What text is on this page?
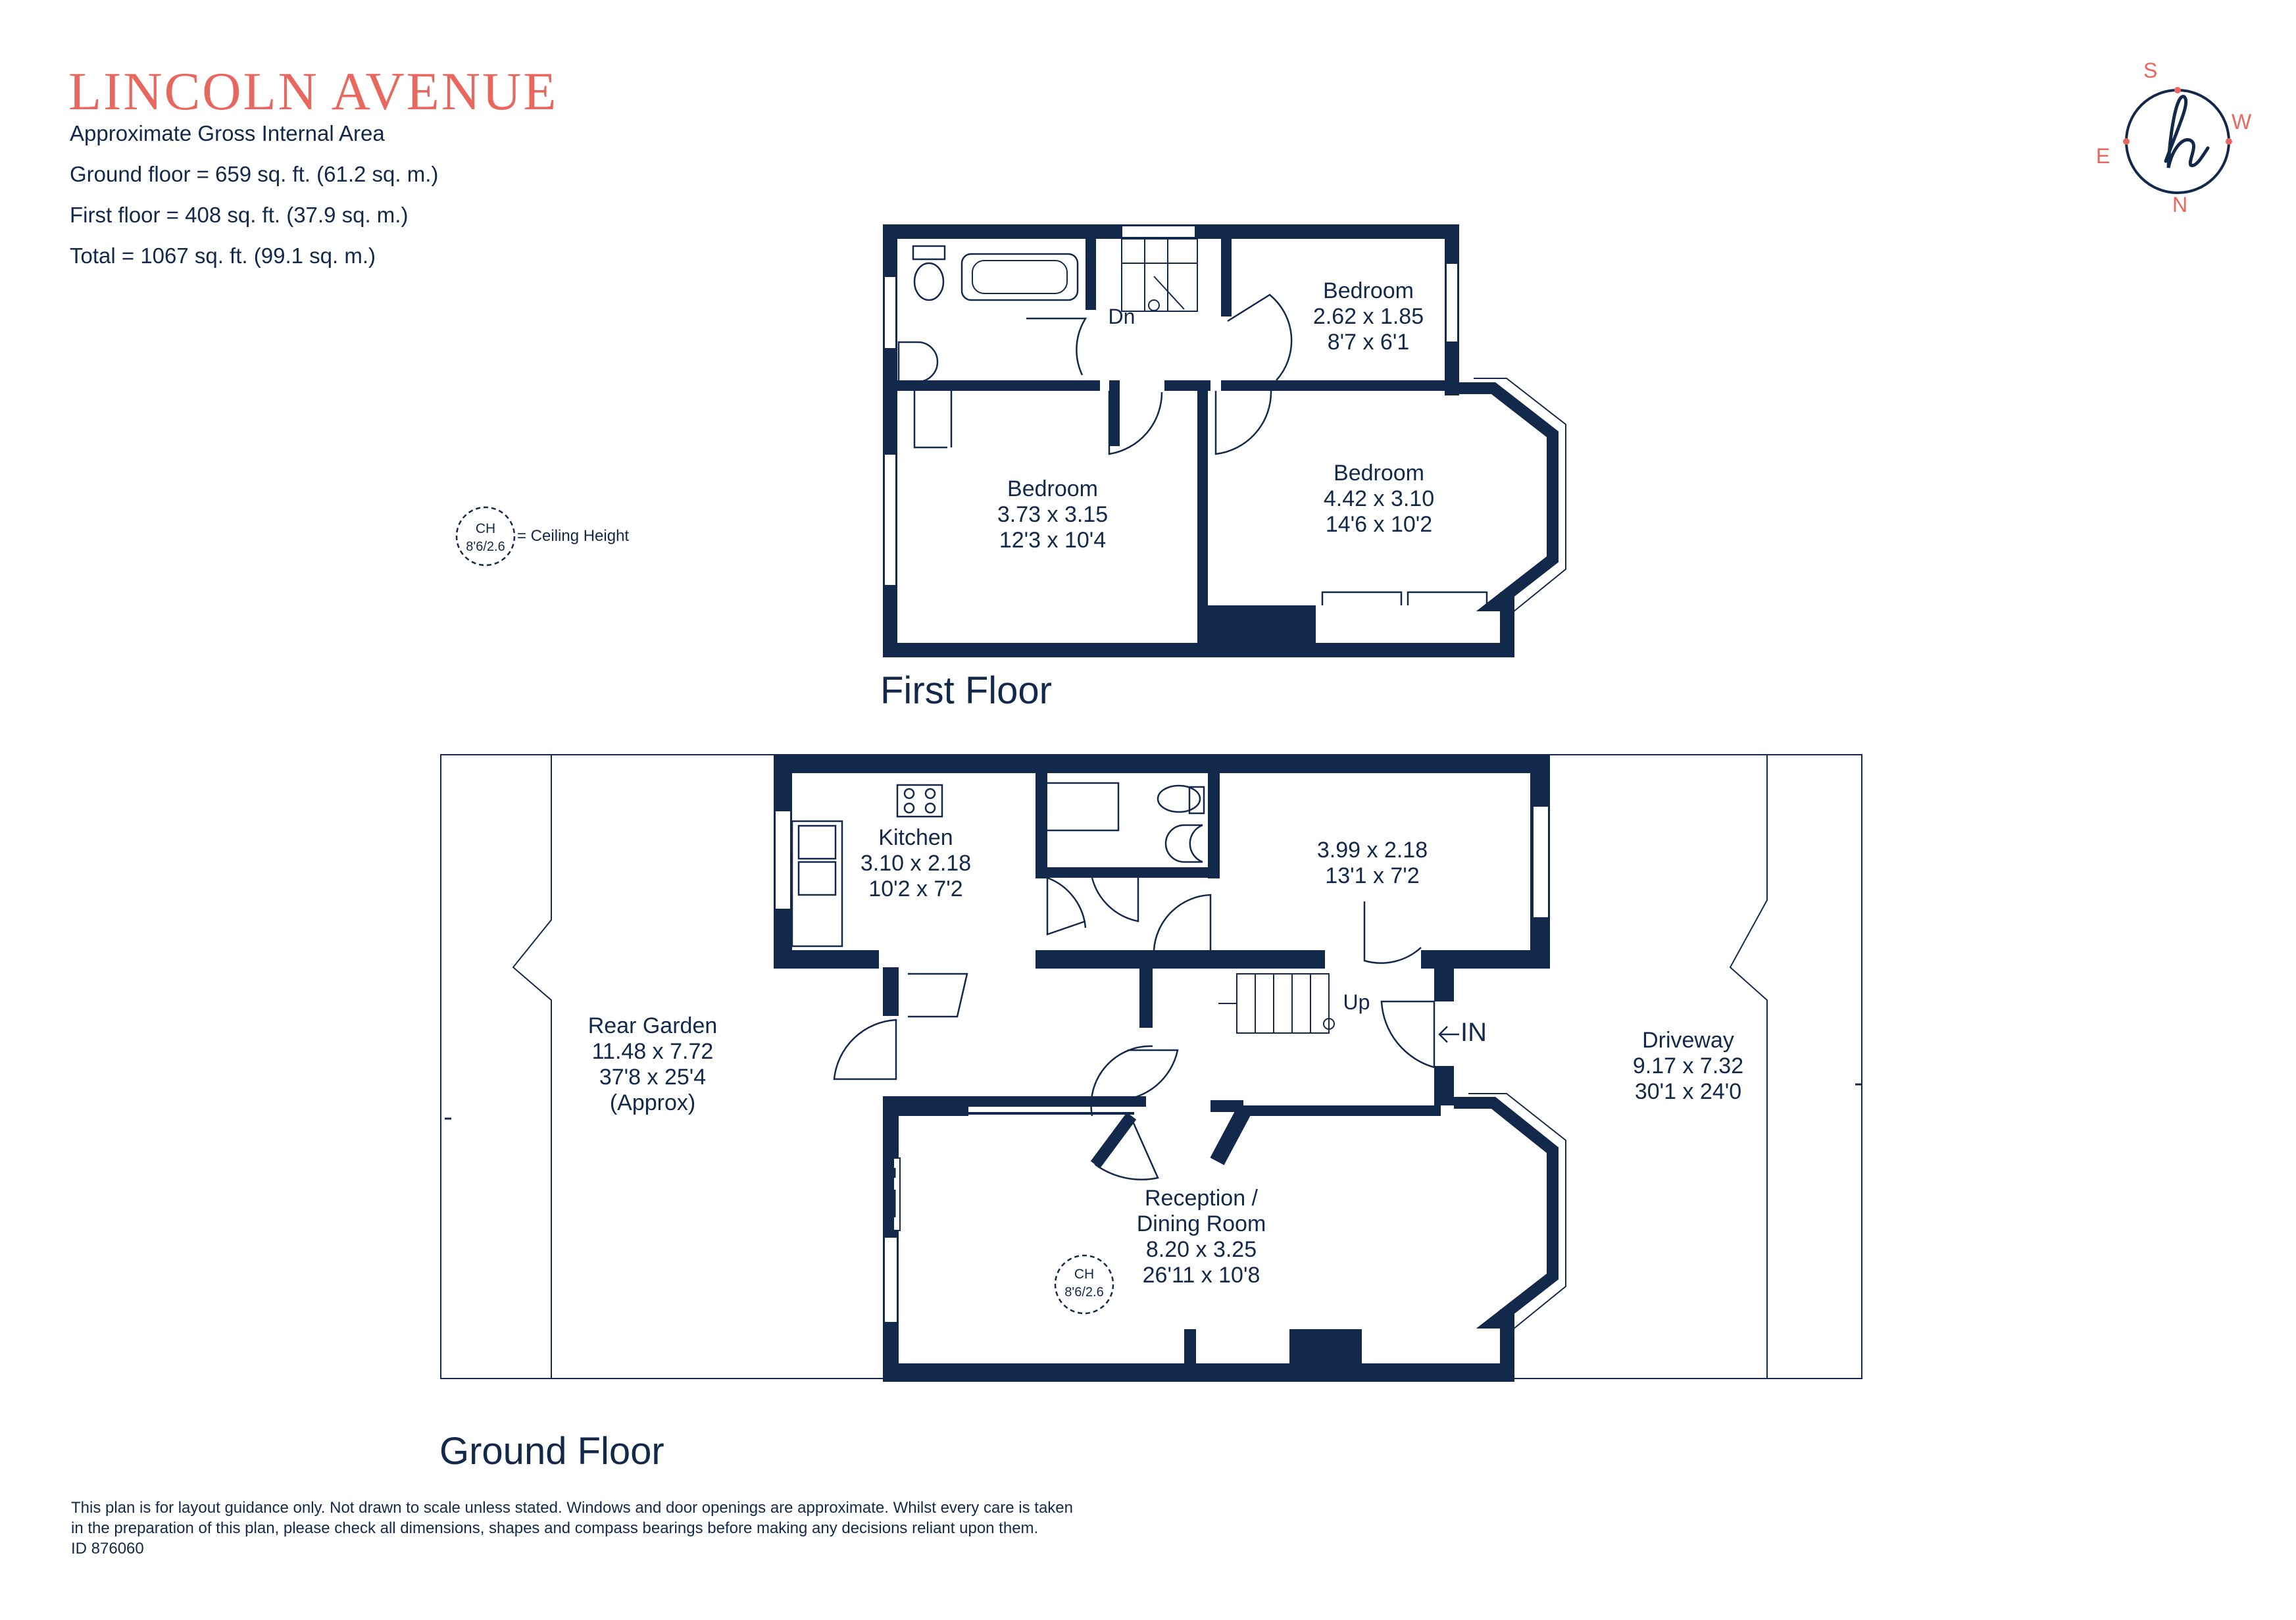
LINCOLN AVENUE
Approximate Gross Internal Area
Ground floor = 659 sq. ft. (61.2 sq. m.)
First floor = 408 sq. ft. (37.9 sq. m.)
Total = 1067 sq. ft. (99.1 sq. m.)
S
W
E
N
CH
8'6/2.6
= Ceiling Height
Bedroom
2.62 x 1.85
8'7 x 6'1
Bedroom
3.73 x 3.15
12'3 x 10'4
Bedroom
4.42 x 3.10
14'6 x 10'2
Dn
Kitchen
3.10 x 2.18
10'2 x 7'2
3.99 x 2.18
13'1 x 7'2
Up
IN
Reception /
Dining Room
8.20 x 3.25
26'11 x 10'8
CH
8'6/2.6
Rear Garden
11.48 x 7.72
37'8 x 25'4
(Approx)
Driveway
9.17 x 7.32
30'1 x 24'0
First Floor
Ground Floor
This plan is for layout guidance only. Not drawn to scale unless stated. Windows and door openings are approximate. Whilst every care is taken
in the preparation of this plan, please check all dimensions, shapes and compass bearings before making any decisions reliant upon them.
ID 876060
